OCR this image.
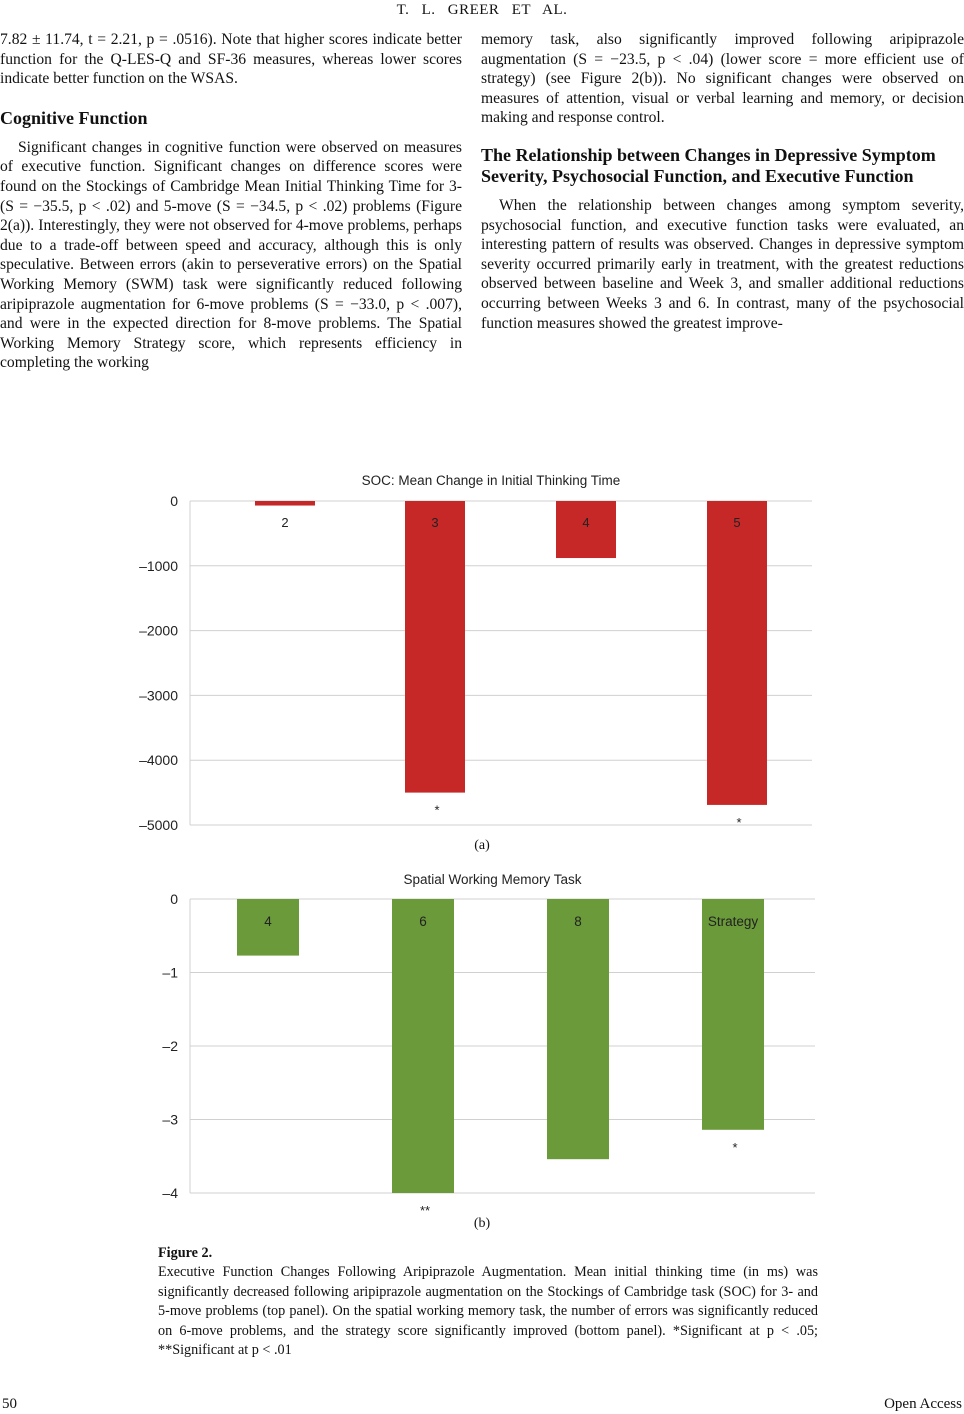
T. L. GREER ET AL.

7.82 ± 11.74, t = 2.21, p = .0516). Note that higher scores indicate better function for the Q-LES-Q and SF-36 measures, whereas lower scores indicate better function on the WSAS.

Cognitive Function

Significant changes in cognitive function were observed on measures of executive function. Significant changes on difference scores were found on the Stockings of Cambridge Mean Initial Thinking Time for 3-(S = −35.5, p < .02) and 5-move (S = −34.5, p < .02) problems (Figure 2(a)). Interestingly, they were not observed for 4-move problems, perhaps due to a trade-off between speed and accuracy, although this is only speculative. Between errors (akin to perseverative errors) on the Spatial Working Memory (SWM) task were significantly reduced following aripiprazole augmentation for 6-move problems (S = −33.0, p < .007), and were in the expected direction for 8-move problems. The Spatial Working Memory Strategy score, which represents efficiency in completing the working

memory task, also significantly improved following aripiprazole augmentation (S = −23.5, p < .04) (lower score = more efficient use of strategy) (see Figure 2(b)). No significant changes were observed on measures of attention, visual or verbal learning and memory, or decision making and response control.

The Relationship between Changes in Depressive Symptom Severity, Psychosocial Function, and Executive Function

When the relationship between changes among symptom severity, psychosocial function, and executive function tasks were evaluated, an interesting pattern of results was observed. Changes in depressive symptom severity occurred primarily early in treatment, with the greatest reductions observed between baseline and Week 3, and smaller additional reductions occurring between Weeks 3 and 6. In contrast, many of the psychosocial function measures showed the greatest improve-

SOC: Mean Change in Initial Thinking Time
0
–1000
–2000
–3000
–4000
–5000
2	3
*
4	5
*
Spatial Working Memory Task
0
–1
–2
–3
–4
4	6
**
8	Strategy
*
(a)
(b)
Figure 2.
Executive Function Changes Following Aripiprazole Augmentation. Mean initial thinking time (in ms) was significantly decreased following aripiprazole augmentation on the Stockings of Cambridge task (SOC) for 3- and 5-move problems (top panel). On the spatial working memory task, the number of errors was significantly reduced on 6-move problems, and the strategy score significantly improved (bottom panel). *Significant at p < .05; **Significant at p < .01
50	Open Access
